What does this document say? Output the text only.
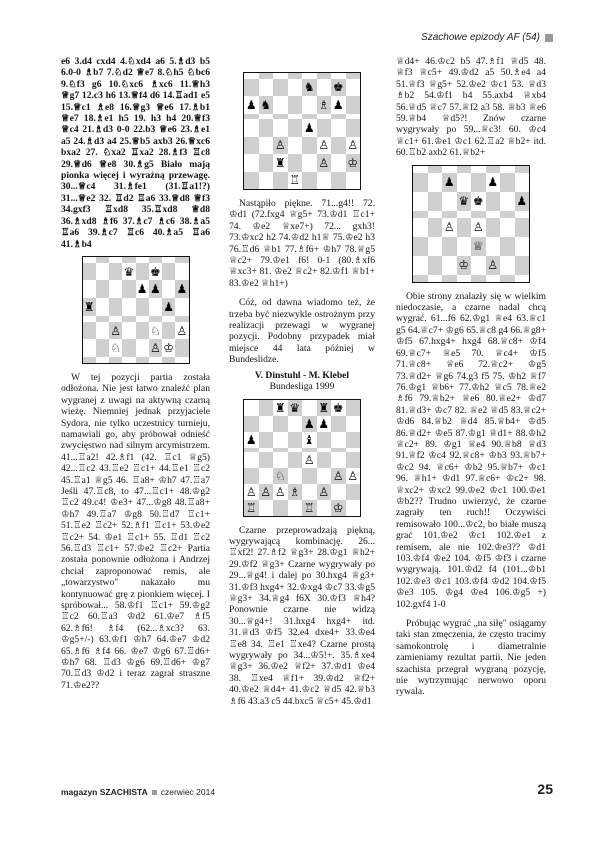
Szachowe epizody AF (54)

e6 3.d4 cxd4 4.♘xd4 a6 5.♗d3 b5 6.0-0 ♗b7 7.♘d2 ♕e7 8.♘h5 ♘bc6 9.♘f3 g6 10.♘xc6 ♗xc6 11.♕h3 ♕g7 12.c3 h6 13.♕f4 d6 14.♖ad1 e5 15.♕c1 ♗e8 16.♕g3 ♕e6 17.♗b1 ♕e7 18.♗e1 h5 19. h3 h4 20.♕f3 ♕c4 21.♗d3 0-0 22.b3 ♕e6 23.♗e1 a5 24.♗d3 a4 25.♕b5 axb3 26.♕xc6 bxa2 27. ♘xa2 ♖xa2 28.♗f3 ♖c8 29.♕d6 ♕e8 30.♗g5 Biało mają pionka więcej i wyraźną przewagę. 30...♕c4 31.♗fe1 (31.♖a1!?) 31...♕e2 32. ♖d2 ♖a6 33.♕d8 ♕f3 34.gxf3 ♖xd8 35.♖xd8 ♕d8 36.♗xd8 ♗f6 37.♗c7 ♗c6 38.♗a5 ♖a6 39.♗c7 ♖c6 40.♗a5 ♖a6 41.♗b4

♛ ♚
♟ ♟ ♟
♜	♟
♙ ♘ ♙
♘ ♙ ♔

W tej pozycji partia została odłożona. Nie jest łatwo znaleźć plan wygranej z uwagi na aktywną czarną wieżę. Niemniej jednak przyjaciele Sydora, nie tylko uczestnicy turnieju, namawiali go, aby próbował odnieść zwycięstwo nad silnym arcymistrzem. 41...♖a2! 42.♗f1 (42. ♖c1 ♕g5) 42...♖c2 43.♖e2 ♖c1+ 44.♖e1 ♖c2 45.♖a1 ♕g5 46. ♖a8+ ♔h7 47.♖a7 Jeśli 47.♖c8, to 47...♖c1+ 48.♔g2 ♖c2 49.c4! ♔e3+ 47...♔g8 48.♖a8+ ♔h7 49.♖a7 ♔g8 50.♖d7 ♖c1+ 51.♖e2 ♖c2+ 52.♗f1 ♖c1+ 53.♔e2 ♖c2+ 54. ♔e1 ♖c1+ 55. ♖d1 ♖c2 56.♖d3 ♖c1+ 57.♔e2 ♖c2+ Partia została ponownie odłożona i Andrzej chciał zaproponować remis, ale „towarzystwo" nakazało mu kontynuować grę z pionkiem więcej. I spróbował... 58.♔f1 ♖c1+ 59.♔g2 ♖c2 60.♖a3 ♔d2 61.♔e7 ♗f5 62.♗f6! ♗f4 (62...♗xc3? 63. ♔g5+/-) 63.♔f1 ♔h7 64.♔e7 ♔d2 65.♗f6 ♗f4 66. ♔e7 ♔g6 67.♖d6+ ♔h7 68. ♖d3 ♔g6 69.♖d6+ ♔g7 70.♖d3 ♔d2 i teraz zagrał straszne 71.♔e2??

♞ ♚
♟ ♞	♗ ♟
♟
♙	♙ ♙
♜	♙ ♔
♖

Nastąpiło piękne. 71...g4!! 72. ♔d1 (72.fxg4 ♕g5+ 73.♔d1 ♖c1+ 74. ♔e2 ♕xe7+) 72... gxh3! 73.♔xc2 h2 74.♔d2 h1♕ 75.♔e2 h3 76.♖d6 ♕b1 77.♗f6+ ♔h7 78.♕g5 ♕c2+ 79.♔e1 f6! 0-1 (80.♗xf6 ♕xc3+ 81. ♔e2 ♕c2+ 82.♔f1 ♕b1+ 83.♔e2 ♕h1+)

Cóż, od dawna wiadomo też, że trzeba być niezwykle ostrożnym przy realizacji przewagi w wygranej pozycji. Podobny przypadek miał miejsce 44 lata później w Bundeslidze.

V. Dinstuhl - M. Klebel
Bundesliga 1999
♜ ♛ ♜ ♚
♟ ♟
♟	♝
♙
♘	♙ ♙
♙ ♙ ♙ ♗ ♙
♖	♖ ♔

Czarne przeprowadzają piękną, wygrywającą kombinację. 26... ♖xf2! 27.♗f2 ♕g3+ 28.♔g1 ♕h2+ 29.♔f2 ♕g3+ Czarne wygrywały po 29...♕g4! i dalej po 30.hxg4 ♕g3+ 31.♔f3 hxg4+ 32.♔xg4 ♔c7 33.♔g5 ♕g3+ 34.♕g4 f6X 30.♔f3 ♕h4? Ponownie czarne nie widzą 30...♕g4+! 31.hxg4 hxg4+ itd. 31.♕d3 ♔f5 32.e4 dxe4+ 33.♔e4 ♖e8 34. ♖e1 ♖xe4? Czarne prostą wygrywały po 34...♔5!+. 35.♗xe4 ♕g3+ 36.♔e2 ♕f2+ 37.♔d1 ♔e4 38. ♖xe4 ♕f1+ 39.♔d2 ♕f2+ 40.♔e2 ♕d4+ 41.♔c2 ♕d5 42.♕b3 ♗f6 43.a3 c5 44.bxc5 ♕c5+ 45.♔d1

♕d4+ 46.♔c2 b5 47.♗f1 ♕d5 48. ♕f3 ♕c5+ 49.♔d2 a5 50.♗e4 a4 51.♕f3 ♕g5+ 52.♔e2 ♔c1 53. ♕d3 ♗b2 54.♔f1 b4 55.axb4 ♕xb4 56.♕d5 ♕c7 57.♕f2 a3 58. ♕b3 ♕e6 59.♕b4 ♕d5?! Znów czarne wygrywały po 59...♕c3! 60. ♔c4 ♕c1+ 61.♔e1 ♔c1 62.♖a2 ♕b2+ itd. 60.♖b2 axb2 61.♕b2+

♟	♟
♛ ♚	♟
♙ ♙
♕
♔ ♙

Obie strony znalazły się w wielkim niedoczasie, a czarne nadal chcą wygrać. 61...f6 62.♔g1 ♕e4 63.♕c1 g5 64.♕c7+ ♔g6 65.♕c8 g4 66.♕g8+ ♔f5 67.hxg4+ hxg4 68.♕c8+ ♔f4 69.♕c7+ ♕e5 70. ♕c4+ ♔f5 71.♕c8+ ♕e6 72.♕c2+ ♔g5 73.♕d2+ ♕g6 74.g3 f5 75. ♔h2 ♕f7 76.♔g1 ♕b6+ 77.♔h2 ♕c5 78.♕e2 ♗f6 79.♕b2+ ♕e6 80.♕e2+ ♔d7 81.♕d3+ ♔c7 82. ♕e2 ♕d5 83.♕c2+ ♔d6 84.♕b2 ♕d4 85.♕b4+ ♔d5 86.♕d2+ ♔e5 87.♔g1 ♕d1+ 88.♔h2 ♕c2+ 89. ♔g1 ♕e4 90.♕b8 ♕d3 91.♕f2 ♔c4 92.♕c8+ ♔b3 93.♕b7+ ♔c2 94. ♕c6+ ♔b2 95.♕b7+ ♔c1 96. ♕h1+ ♔d1 97.♕c6+ ♔c2+ 98. ♕xc2+ ♔xc2 99.♔e2 ♔c1 100.♔e1 ♔b2?? Trudno uwierzyć, że czarne zagrały ten ruch!! Oczywiści remisowało 100...♔c2, bo białe muszą grać 101.♔e2 ♔c1 102.♔e1 z remisem, ale nie 102.♔e3?? ♔d1 103.♔f4 ♔e2 104. ♔f5 ♔f3 i czarne wygrywają. 101.♔d2 f4 (101...♔b1 102.♔e3 ♔c1 103.♔f4 ♔d2 104.♔f5 ♔e3 105. ♔g4 ♔e4 106.♔g5 +) 102.gxf4 1-0

Próbując wygrać „na siłę" osiągamy taki stan zmęczenia, że często tracimy samokontrolę i diametralnie zamieniamy rezultat partii. Nie jeden szachista przegrał wygraną pozycję, nie wytrzymując nerwowo oporu rywala.

magazyn SZACHISTA czerwiec 2014	25
